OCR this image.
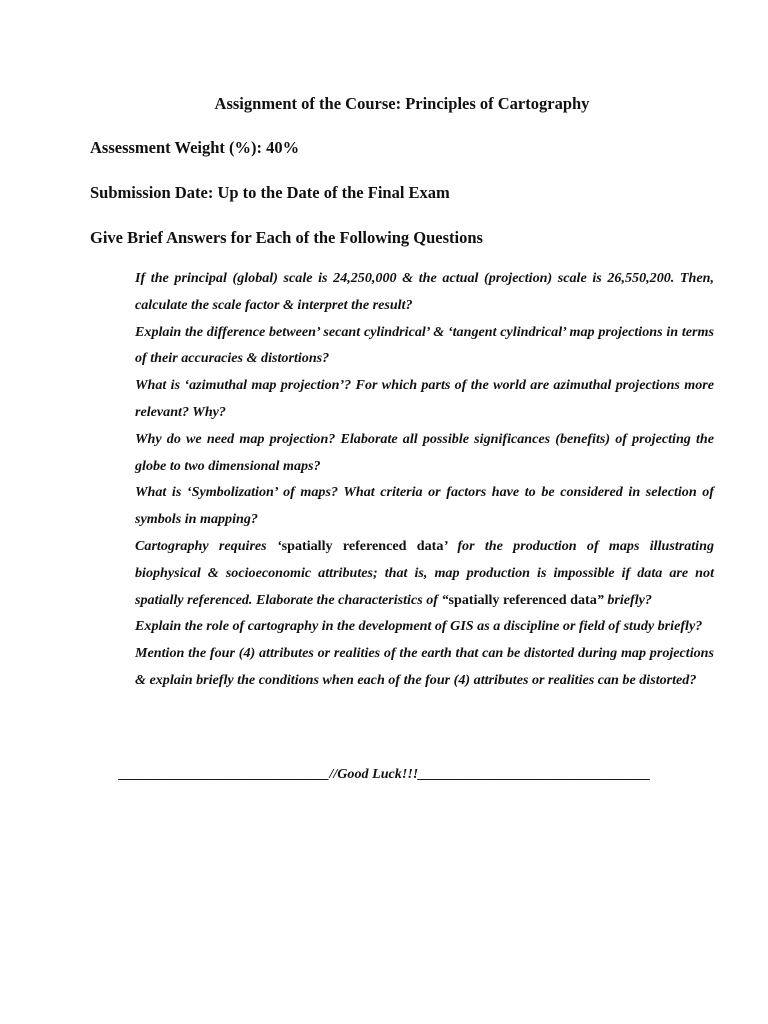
Assignment of the Course: Principles of Cartography
Assessment Weight (%): 40%
Submission Date: Up to the Date of the Final Exam
Give Brief Answers for Each of the Following Questions
If the principal (global) scale is 24,250,000 & the actual (projection) scale is 26,550,200. Then, calculate the scale factor & interpret the result?
Explain the difference between’ secant cylindrical’ & ‘tangent cylindrical’ map projections in terms of their accuracies & distortions?
What is ‘azimuthal map projection’? For which parts of the world are azimuthal projections more relevant? Why?
Why do we need map projection? Elaborate all possible significances (benefits) of projecting the globe to two dimensional maps?
What is ‘Symbolization’ of maps? What criteria or factors have to be considered in selection of symbols in mapping?
Cartography requires ‘spatially referenced data’ for the production of maps illustrating biophysical & socioeconomic attributes; that is, map production is impossible if data are not spatially referenced. Elaborate the characteristics of “spatially referenced data” briefly?
Explain the role of cartography in the development of GIS as a discipline or field of study briefly?
Mention the four (4) attributes or realities of the earth that can be distorted during map projections & explain briefly the conditions when each of the four (4) attributes or realities can be distorted?
______________________________//Good Luck!!!_________________________________
